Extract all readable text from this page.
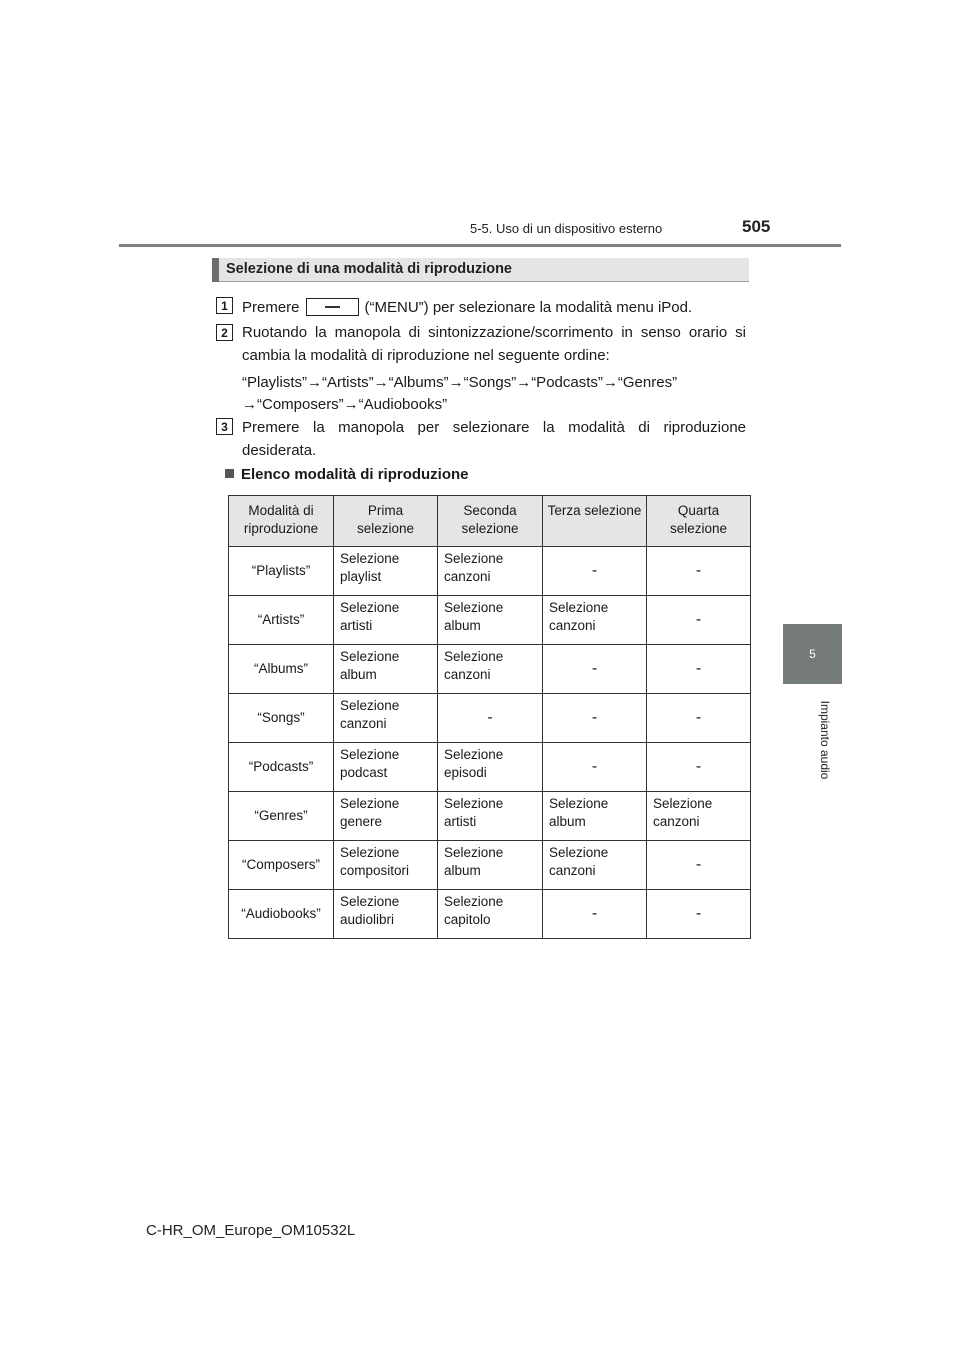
5-5. Uso di un dispositivo esterno	505
5
Impianto audio
Selezione di una modalità di riproduzione
1 Premere	(“MENU”) per selezionare la modalità menu iPod.
2 Ruotando la manopola di sintonizzazione/scorrimento in senso orario si cambia la modalità di riproduzione nel seguente ordine:
“Playlists”→“Artists”→“Albums”→“Songs”→“Podcasts”→“Genres”
→“Composers”→“Audiobooks”
3 Premere la manopola per selezionare la modalità di riproduzione desiderata.
Elenco modalità di riproduzione
Modalità di riproduzione	Prima selezione	Seconda selezione	Terza selezione	Quarta selezione
“Playlists”	Selezione playlist	Selezione canzoni	-	-
“Artists”	Selezione artisti	Selezione album	Selezione canzoni	-
“Albums”	Selezione album	Selezione canzoni	-	-
“Songs”	Selezione canzoni	-	-	-
“Podcasts”	Selezione podcast	Selezione episodi	-	-
“Genres”	Selezione genere	Selezione artisti	Selezione album	Selezione canzoni
“Composers”	Selezione compositori	Selezione album	Selezione canzoni	-
“Audiobooks”	Selezione audiolibri	Selezione capitolo	-	-
C-HR_OM_Europe_OM10532L
